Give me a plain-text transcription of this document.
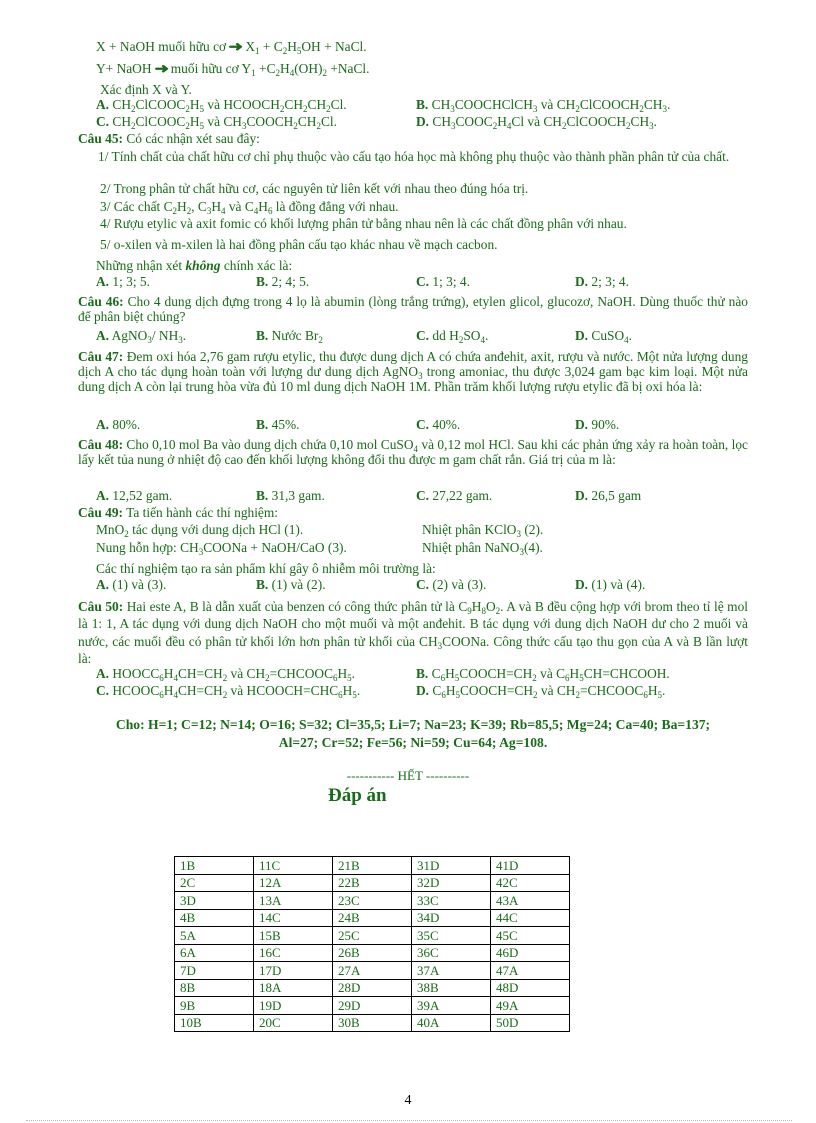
X + NaOH muối hữu cơ ➜ $X_1 + C_2H_5OH$ + NaCl.
Y+ NaOH ➜ muối hữu cơ $Y_1 +C_2H_4(OH)_2$ +NaCl.
Xác định X và Y.
A. $CH_2ClCOOC_2H_5$ và $HCOOCH_2CH_2CH_2Cl$.	B. $CH_3COOCHClCH_3$ và $CH_2ClCOOCH_2CH_3$.
C. $CH_2ClCOOC_2H_5$ và $CH_3COOCH_2CH_2Cl$.	D. $CH_3COOC_2H_4Cl$ và $CH_2ClCOOCH_2CH_3$.
Câu 45: Có các nhận xét sau đây:
1/ Tính chất của chất hữu cơ chỉ phụ thuộc vào cấu tạo hóa học mà không phụ thuộc vào thành phần phân tử của chất.
2/ Trong phân tử chất hữu cơ, các nguyên tử liên kết với nhau theo đúng hóa trị.
3/ Các chất $C_2H_2$, $C_3H_4$ và $C_4H_6$ là đồng đẳng với nhau.
4/ Rượu etylic và axit fomic có khối lượng phân tử bằng nhau nên là các chất đồng phân với nhau.
5/ o-xilen và m-xilen là hai đồng phân cấu tạo khác nhau về mạch cacbon.
Những nhận xét không chính xác là:
A. 1; 3; 5.	B. 2; 4; 5.	C. 1; 3; 4.	D. 2; 3; 4.
Câu 46: Cho 4 dung dịch đựng trong 4 lọ là abumin (lòng trắng trứng), etylen glicol, glucozơ, NaOH. Dùng thuốc thử nào để phân biệt chúng?
A. AgNO$_3$/ $NH_3$.	B. Nước $Br_2$	C. dd $H_2SO_4$.	D. CuSO$_4$.
Câu 47: Đem oxi hóa 2,76 gam rượu etylic, thu được dung dịch A có chứa anđehit, axit, rượu và nước. Một nửa lượng dung dịch A cho tác dụng hoàn toàn với lượng dư dung dịch AgNO$_3$ trong amoniac, thu được 3,024 gam bạc kim loại. Một nửa dung dịch A còn lại trung hòa vừa đủ 10 ml dung dịch NaOH 1M. Phần trăm khối lượng rượu etylic đã bị oxi hóa là:
A. 80%.	B. 45%.	C. 40%.	D. 90%.
Câu 48: Cho 0,10 mol Ba vào dung dịch chứa 0,10 mol CuSO$_4$ và 0,12 mol HCl. Sau khi các phản ứng xảy ra hoàn toàn, lọc lấy kết tủa nung ở nhiệt độ cao đến khối lượng không đổi thu được m gam chất rắn. Giá trị của m là:
A. 12,52 gam.	B. 31,3 gam.	C. 27,22 gam.	D. 26,5 gam
Câu 49: Ta tiến hành các thí nghiệm:
MnO$_2$ tác dụng với dung dịch HCl (1).	Nhiệt phân KClO$_3$ (2).
Nung hỗn hợp: $CH_3COONa$ + NaOH/CaO (3).	Nhiệt phân NaNO$_3$(4).
Các thí nghiệm tạo ra sản phẩm khí gây ô nhiễm môi trường là:
A. (1) và (3).	B. (1) và (2).	C. (2) và (3).	D. (1) và (4).
Câu 50: Hai este A, B là dẫn xuất của benzen có công thức phân tử là $C_9H_8O_2$. A và B đều cộng hợp với brom theo tỉ lệ mol là 1: 1, A tác dụng với dung dịch NaOH cho một muối và một anđehit. B tác dụng với dung dịch NaOH dư cho 2 muối và nước, các muối đều có phân tử khối lớn hơn phân tử khối của $CH_3COONa$. Công thức cấu tạo thu gọn của A và B lần lượt là:
A. $HOOCC_6H_4CH=CH_2$ và $CH_2=CHCOOC_6H_5$.	B. $C_6H_5COOCH=CH_2$ và $C_6H_5CH=CHCOOH$.
C. $HCOOC_6H_4CH=CH_2$ và $HCOOCH=CHC_6H_5$.	D. $C_6H_5COOCH=CH_2$ và $CH_2=CHCOOC_6H_5$.
Cho: H=1; C=12; N=14; O=16; S=32; Cl=35,5; Li=7; Na=23; K=39; Rb=85,5; Mg=24; Ca=40; Ba=137;
Al=27; Cr=52; Fe=56; Ni=59; Cu=64; Ag=108.
----------- HẾT ----------
Đáp án
1B	11C	21B	31D	41D
2C	12A	22B	32D	42C
3D	13A	23C	33C	43A
4B	14C	24B	34D	44C
5A	15B	25C	35C	45C
6A	16C	26B	36C	46D
7D	17D	27A	37A	47A
8B	18A	28D	38B	48D
9B	19D	29D	39A	49A
10B	20C	30B	40A	50D
4
